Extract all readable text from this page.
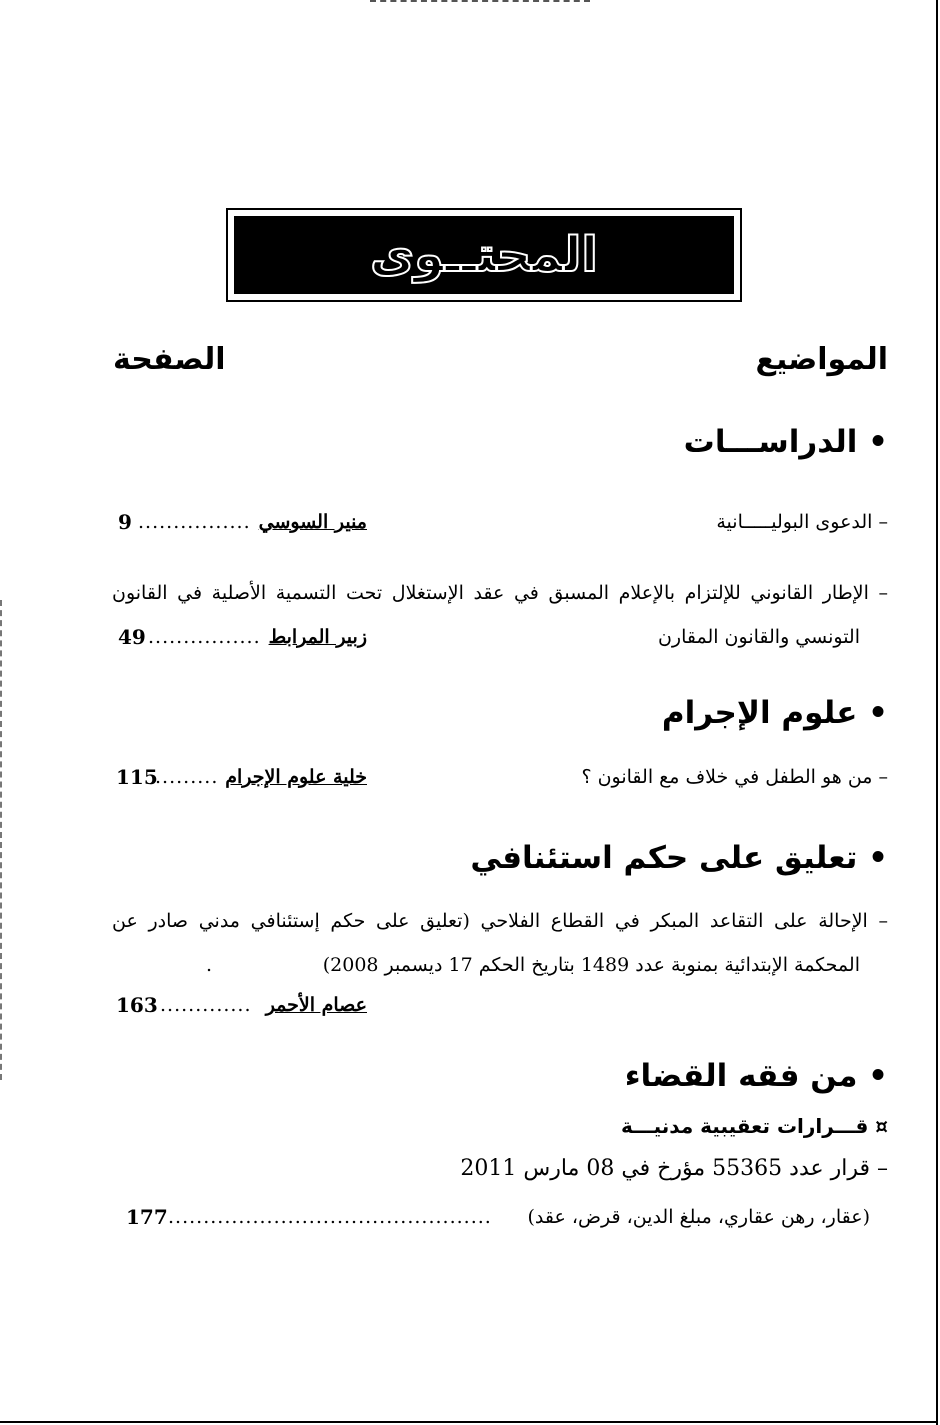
المحتــوى
المواضيع
الصفحة
• الدراســـات
– الدعوى البوليـــــانية
منير السوسي
................
9
– الإطار القانوني للإلتزام بالإعلام المسبق في عقد الإستغلال تحت التسمية الأصلية في القانون
التونسي والقانون المقارن
زبير المرابط
................
49
• علوم الإجرام
– من هو الطفل في خلاف مع القانون ؟
خلية علوم الإجرام
.........
115
• تعليق على حكم استئنافي
– الإحالة على التقاعد المبكر في القطاع الفلاحي (تعليق على حكم إستئنافي مدني صادر عن
المحكمة الإبتدائية بمنوبة عدد 1489 بتاريخ الحكم 17 ديسمبر 2008)
.
عصام الأحمر
.............
163
• من فقه القضاء
¤ قـــرارات تعقيبية مدنيـــة
– قرار عدد 55365 مؤرخ في 08 مارس 2011
(عقار، رهن عقاري، مبلغ الدين، قرض، عقد)
..............................................
177
